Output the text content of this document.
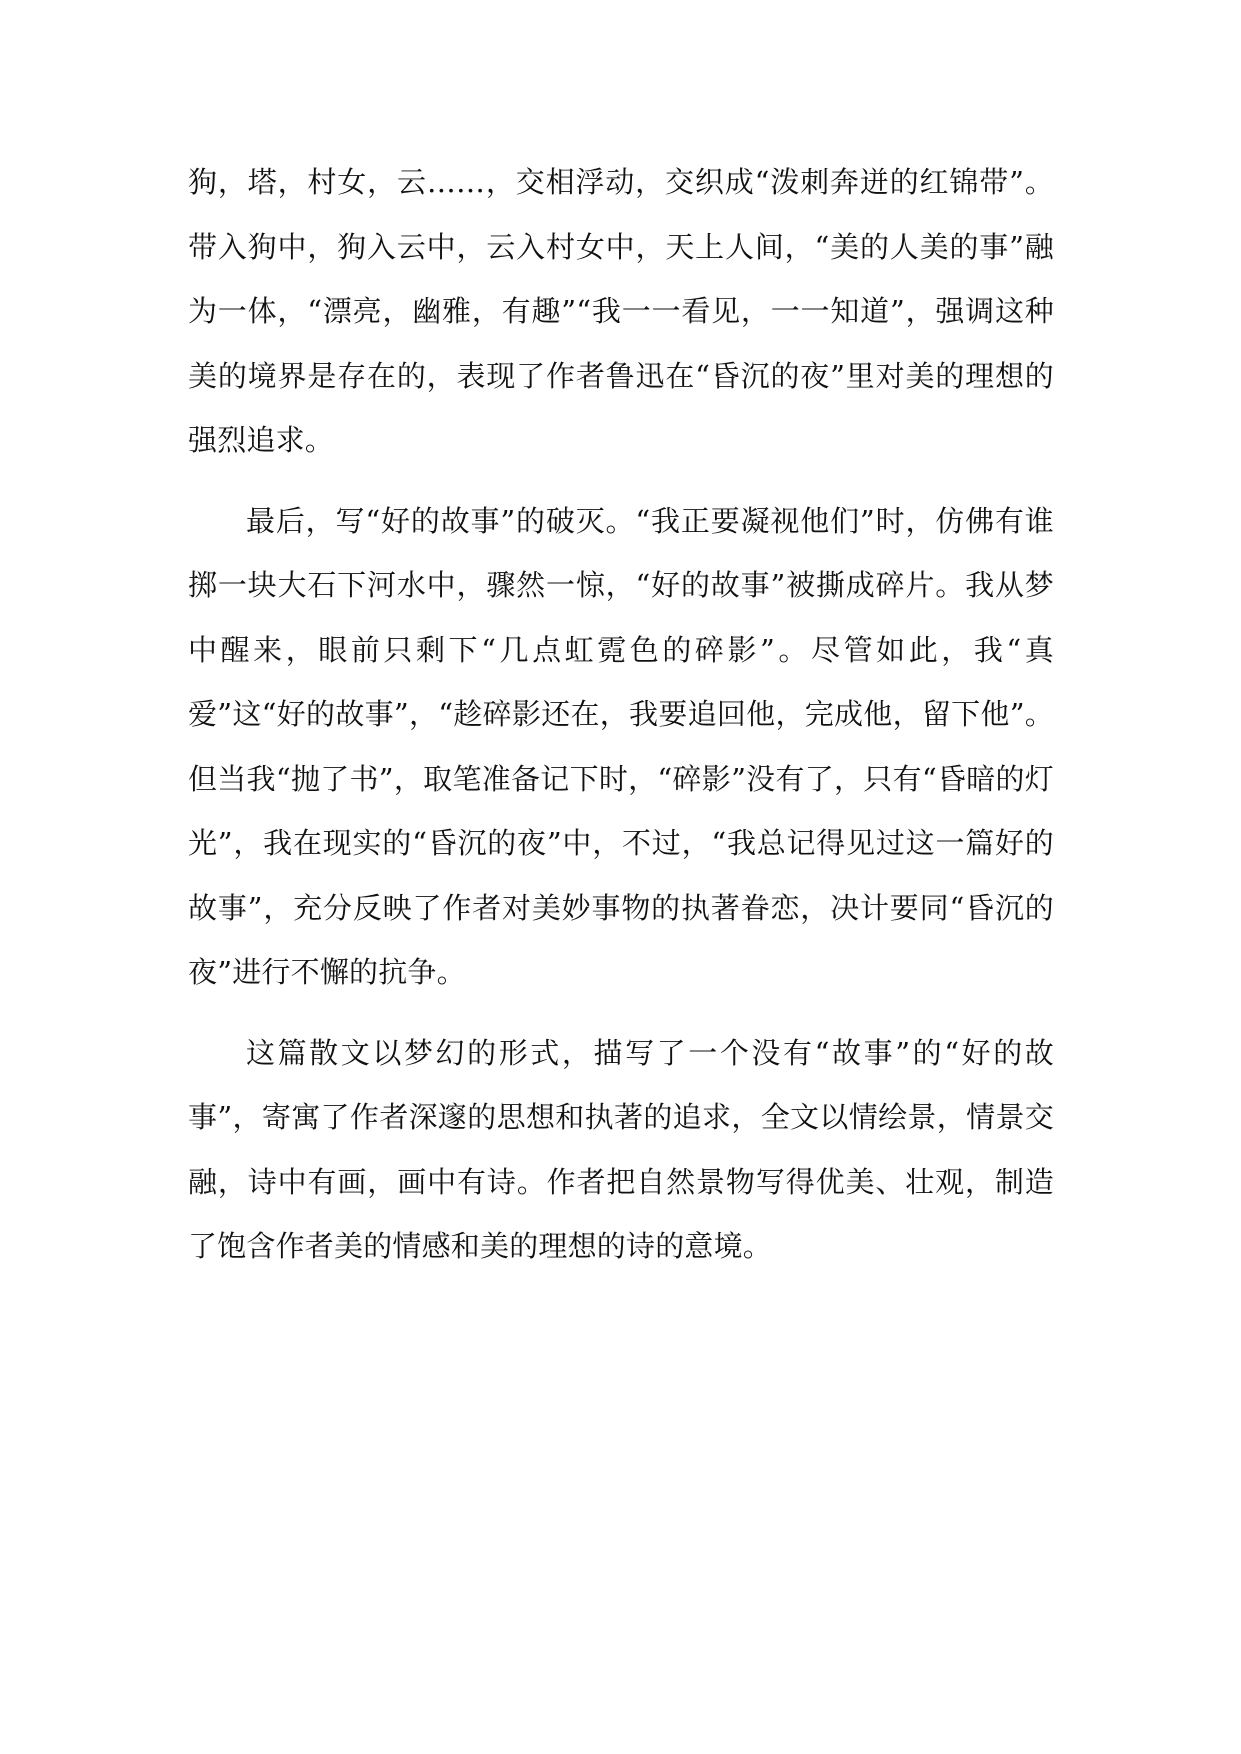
狗，塔，村女，云……，交相浮动，交织成“泼刺奔迸的红锦带”。带入狗中，狗入云中，云入村女中，天上人间，“美的人美的事”融为一体，“漂亮，幽雅，有趣”“我一一看见，一一知道”，强调这种美的境界是存在的，表现了作者鲁迅在“昏沉的夜”里对美的理想的强烈追求。

最后，写“好的故事”的破灭。“我正要凝视他们”时，仿佛有谁掷一块大石下河水中，骤然一惊，“好的故事”被撕成碎片。我从梦中醒来，眼前只剩下“几点虹霓色的碎影”。尽管如此，我“真爱”这“好的故事”，“趁碎影还在，我要追回他，完成他，留下他”。但当我“抛了书”，取笔准备记下时，“碎影”没有了，只有“昏暗的灯光”，我在现实的“昏沉的夜”中，不过，“我总记得见过这一篇好的故事”，充分反映了作者对美妙事物的执著眷恋，决计要同“昏沉的夜”进行不懈的抗争。

这篇散文以梦幻的形式，描写了一个没有“故事”的“好的故事”，寄寓了作者深邃的思想和执著的追求，全文以情绘景，情景交融，诗中有画，画中有诗。作者把自然景物写得优美、壮观，制造了饱含作者美的情感和美的理想的诗的意境。
